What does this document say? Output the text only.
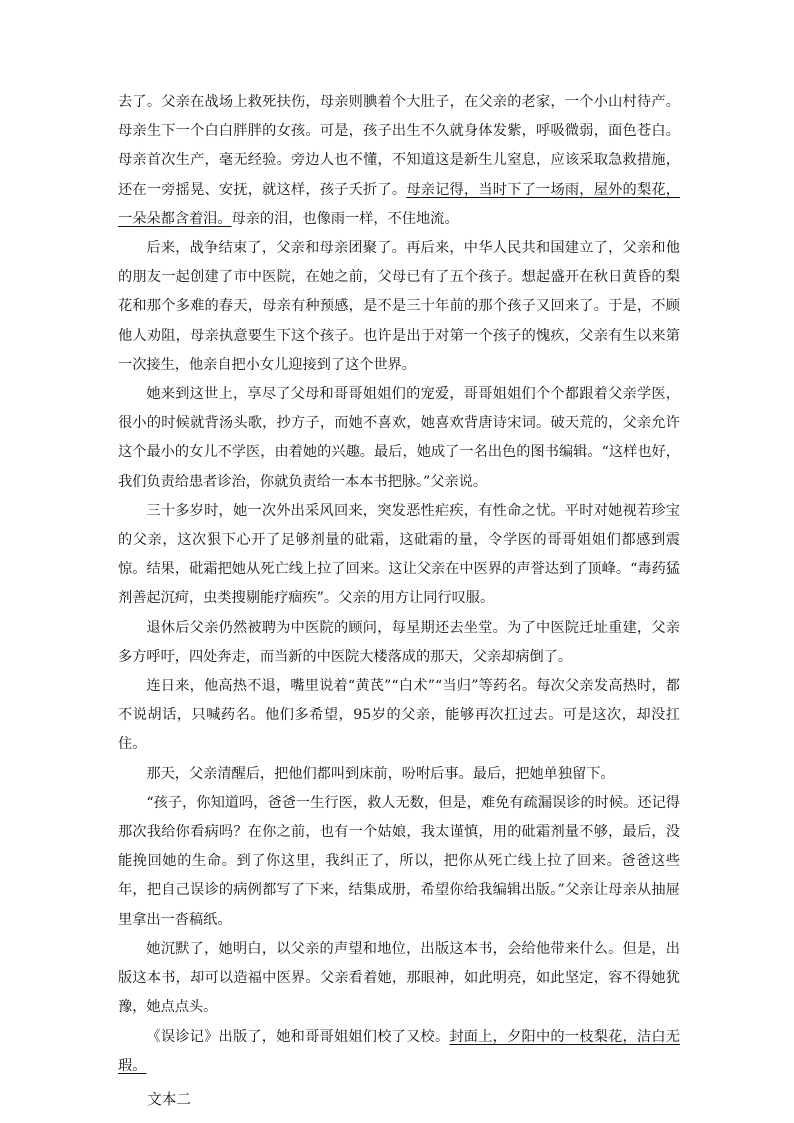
去了。父亲在战场上救死扶伤，母亲则腆着个大肚子，在父亲的老家，一个小山村待产。母亲生下一个白白胖胖的女孩。可是，孩子出生不久就身体发紫，呼吸微弱，面色苍白。母亲首次生产，毫无经验。旁边人也不懂，不知道这是新生儿窒息，应该采取急救措施，还在一旁摇晃、安抚，就这样，孩子夭折了。母亲记得，当时下了一场雨，屋外的梨花，一朵朵都含着泪。母亲的泪，也像雨一样，不住地流。

后来，战争结束了，父亲和母亲团聚了。再后来，中华人民共和国建立了，父亲和他的朋友一起创建了市中医院，在她之前，父母已有了五个孩子。想起盛开在秋日黄昏的梨花和那个多难的春天，母亲有种预感，是不是三十年前的那个孩子又回来了。于是，不顾他人劝阻，母亲执意要生下这个孩子。也许是出于对第一个孩子的愧疚，父亲有生以来第一次接生，他亲自把小女儿迎接到了这个世界。

她来到这世上，享尽了父母和哥哥姐姐们的宠爱，哥哥姐姐们个个都跟着父亲学医，很小的时候就背汤头歌，抄方子，而她不喜欢，她喜欢背唐诗宋词。破天荒的，父亲允许这个最小的女儿不学医，由着她的兴趣。最后，她成了一名出色的图书编辑。“这样也好，我们负责给患者诊治，你就负责给一本本书把脉。”父亲说。

三十多岁时，她一次外出采风回来，突发恶性疟疾，有性命之忧。平时对她视若珍宝的父亲，这次狠下心开了足够剂量的砒霜，这砒霜的量，令学医的哥哥姐姐们都感到震惊。结果，砒霜把她从死亡线上拉了回来。这让父亲在中医界的声誉达到了顶峰。“毒药猛剂善起沉疴，虫类搜剔能疗痼疾”。父亲的用方让同行叹服。

退休后父亲仍然被聘为中医院的顾问，每星期还去坐堂。为了中医院迁址重建，父亲多方呼吁，四处奔走，而当新的中医院大楼落成的那天，父亲却病倒了。

连日来，他高热不退，嘴里说着“黄芪”“白术”“当归”等药名。每次父亲发高热时，都不说胡话，只喊药名。他们多希望，95岁的父亲，能够再次扛过去。可是这次，却没扛住。

那天，父亲清醒后，把他们都叫到床前，吩咐后事。最后，把她单独留下。

“孩子，你知道吗，爸爸一生行医，救人无数，但是，难免有疏漏误诊的时候。还记得那次我给你看病吗？在你之前，也有一个姑娘，我太谨慎，用的砒霜剂量不够，最后，没能挽回她的生命。到了你这里，我纠正了，所以，把你从死亡线上拉了回来。爸爸这些年，把自己误诊的病例都写了下来，结集成册，希望你给我编辑出版。”父亲让母亲从抽屉里拿出一沓稿纸。

她沉默了，她明白，以父亲的声望和地位，出版这本书，会给他带来什么。但是，出版这本书，却可以造福中医界。父亲看着她，那眼神，如此明亮，如此坚定，容不得她犹豫，她点点头。

《误诊记》出版了，她和哥哥姐姐们校了又校。封面上，夕阳中的一枝梨花，洁白无瑕。

文本二
